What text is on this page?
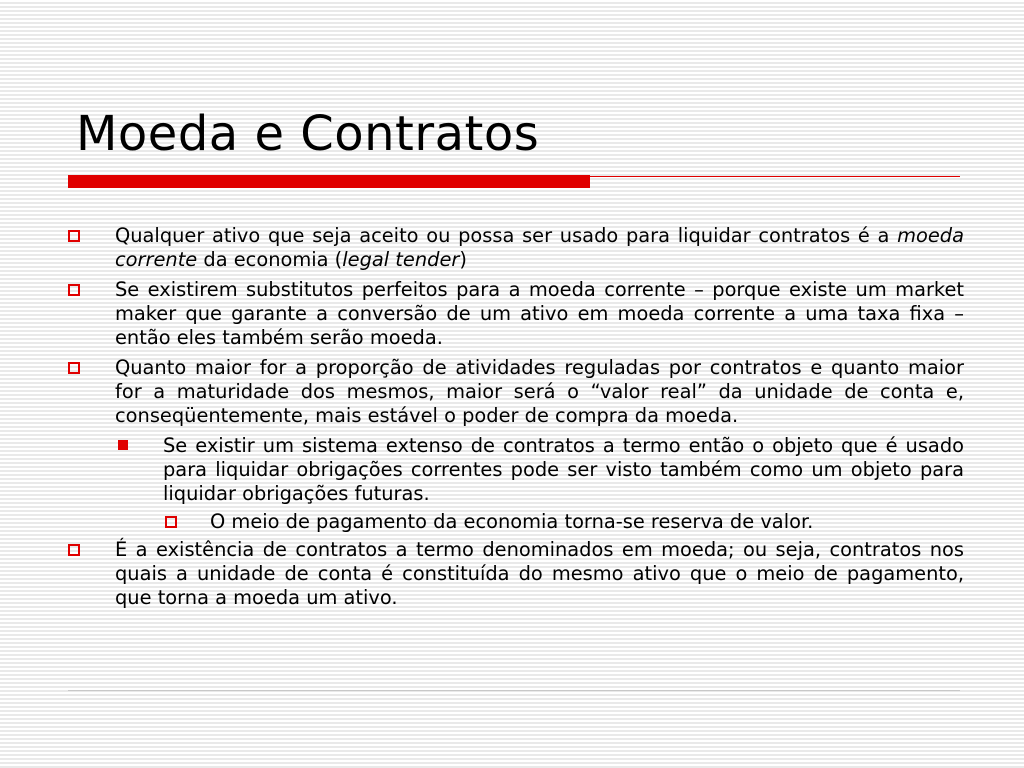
Moeda e Contratos
Qualquer ativo que seja aceito ou possa ser usado para liquidar contratos é a moeda corrente da economia (legal tender)
Se existirem substitutos perfeitos para a moeda corrente – porque existe um market maker que garante a conversão de um ativo em moeda corrente a uma taxa fixa – então eles também serão moeda.
Quanto maior for a proporção de atividades reguladas por contratos e quanto maior for a maturidade dos mesmos, maior será o “valor real” da unidade de conta e, conseqüentemente, mais estável o poder de compra da moeda.
Se existir um sistema extenso de contratos a termo então o objeto que é usado para liquidar obrigações correntes pode ser visto também como um objeto para liquidar obrigações futuras.
O meio de pagamento da economia torna-se reserva de valor.
É a existência de contratos a termo denominados em moeda; ou seja, contratos nos quais a unidade de conta é constituída do mesmo ativo que o meio de pagamento, que torna a moeda um ativo.
